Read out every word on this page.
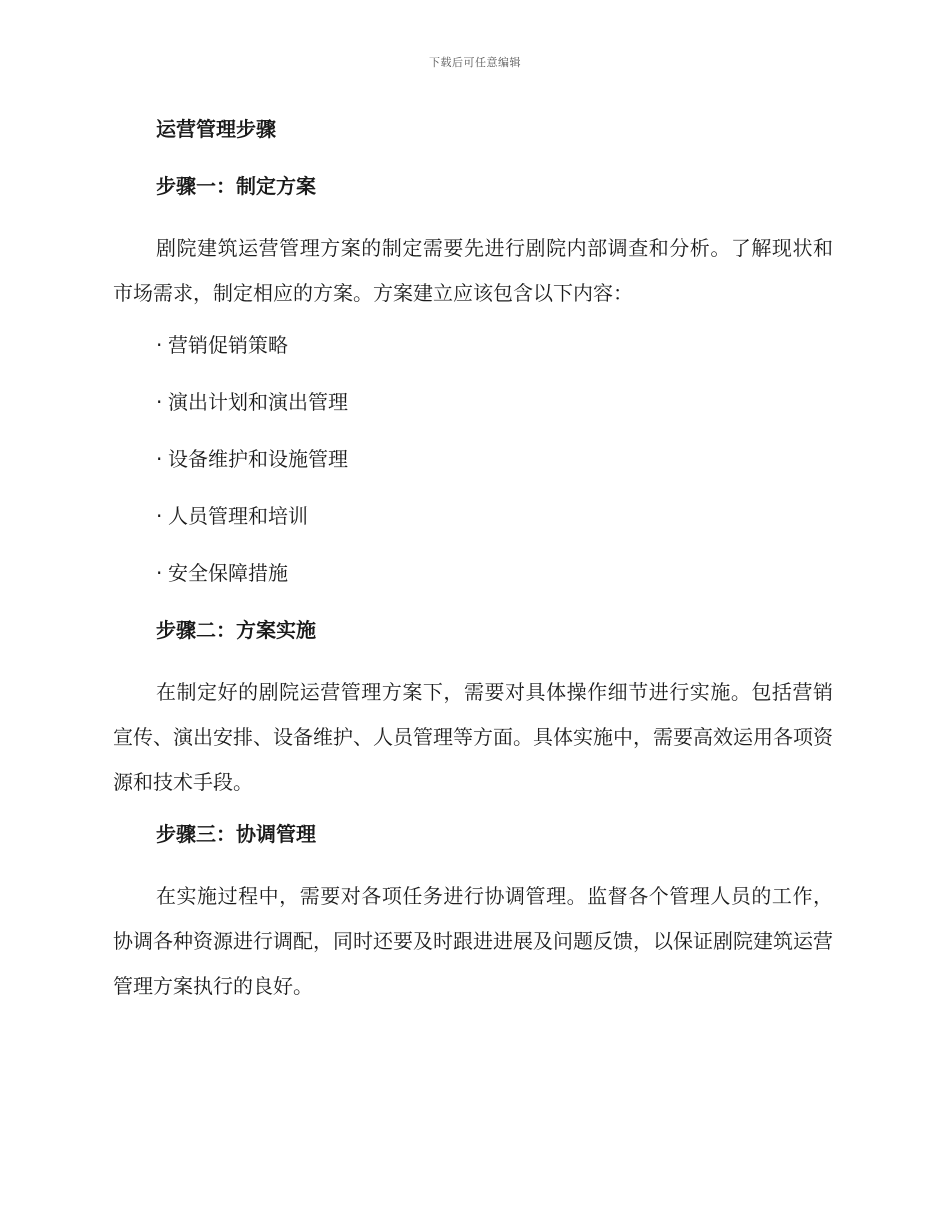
下载后可任意编辑
运营管理步骤
步骤一：制定方案

剧院建筑运营管理方案的制定需要先进行剧院内部调查和分析。了解现状和市场需求，制定相应的方案。方案建立应该包含以下内容：

· 营销促销策略
· 演出计划和演出管理
· 设备维护和设施管理
· 人员管理和培训
· 安全保障措施
步骤二：方案实施

在制定好的剧院运营管理方案下，需要对具体操作细节进行实施。包括营销宣传、演出安排、设备维护、人员管理等方面。具体实施中，需要高效运用各项资源和技术手段。

步骤三：协调管理

在实施过程中，需要对各项任务进行协调管理。监督各个管理人员的工作，协调各种资源进行调配，同时还要及时跟进进展及问题反馈，以保证剧院建筑运营管理方案执行的良好。
